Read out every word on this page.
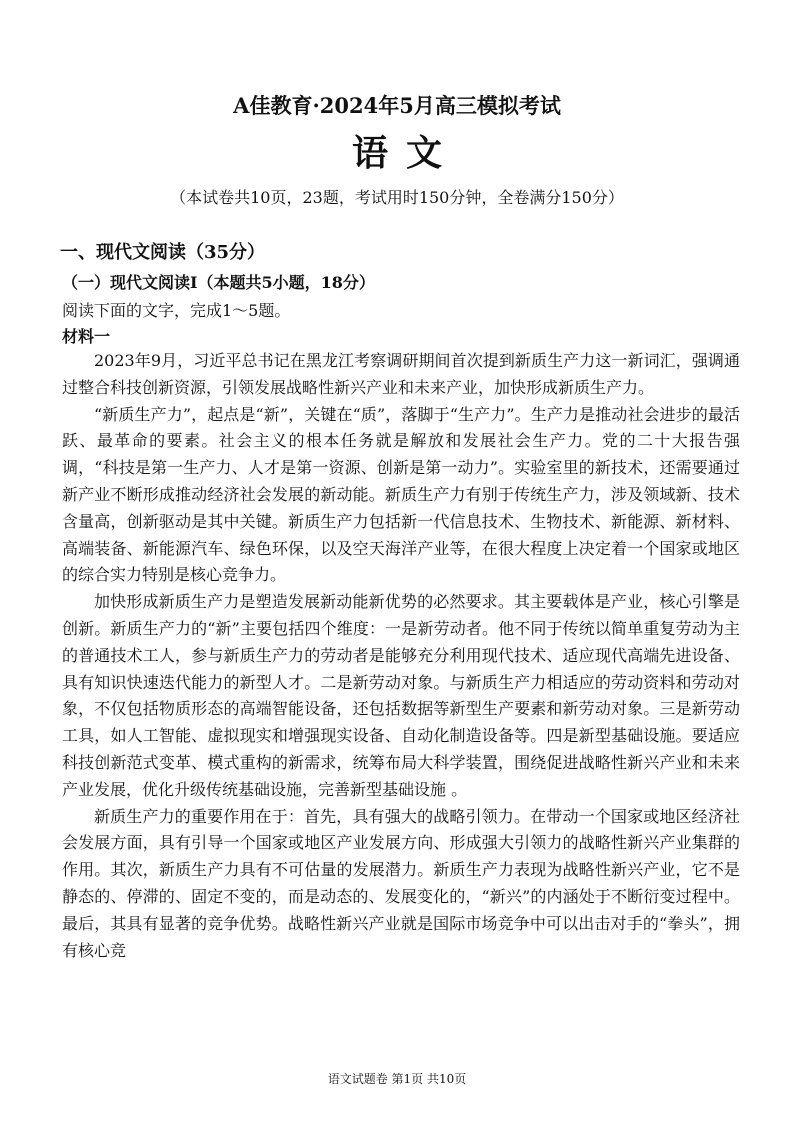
A佳教育·2024年5月高三模拟考试
语文

（本试卷共10页，23题，考试用时150分钟，全卷满分150分）

一、现代文阅读（35分）
（一）现代文阅读I（本题共5小题，18分）

阅读下面的文字，完成1～5题。

材料一

2023年9月，习近平总书记在黑龙江考察调研期间首次提到新质生产力这一新词汇，强调通过整合科技创新资源，引领发展战略性新兴产业和未来产业，加快形成新质生产力。

“新质生产力”，起点是“新”，关键在“质”，落脚于“生产力”。生产力是推动社会进步的最活跃、最革命的要素。社会主义的根本任务就是解放和发展社会生产力。党的二十大报告强调，“科技是第一生产力、人才是第一资源、创新是第一动力”。实验室里的新技术，还需要通过新产业不断形成推动经济社会发展的新动能。新质生产力有别于传统生产力，涉及领域新、技术含量高，创新驱动是其中关键。新质生产力包括新一代信息技术、生物技术、新能源、新材料、高端装备、新能源汽车、绿色环保，以及空天海洋产业等，在很大程度上决定着一个国家或地区的综合实力特别是核心竞争力。

加快形成新质生产力是塑造发展新动能新优势的必然要求。其主要载体是产业，核心引擎是创新。新质生产力的“新”主要包括四个维度：一是新劳动者。他不同于传统以简单重复劳动为主的普通技术工人，参与新质生产力的劳动者是能够充分利用现代技术、适应现代高端先进设备、具有知识快速迭代能力的新型人才。二是新劳动对象。与新质生产力相适应的劳动资料和劳动对象，不仅包括物质形态的高端智能设备，还包括数据等新型生产要素和新劳动对象。三是新劳动工具，如人工智能、虚拟现实和增强现实设备、自动化制造设备等。四是新型基础设施。要适应科技创新范式变革、模式重构的新需求，统筹布局大科学装置，围绕促进战略性新兴产业和未来产业发展，优化升级传统基础设施，完善新型基础设施 。

新质生产力的重要作用在于：首先，具有强大的战略引领力。在带动一个国家或地区经济社会发展方面，具有引导一个国家或地区产业发展方向、形成强大引领力的战略性新兴产业集群的作用。其次，新质生产力具有不可估量的发展潜力。新质生产力表现为战略性新兴产业，它不是静态的、停滞的、固定不变的，而是动态的、发展变化的，“新兴”的内涵处于不断衍变过程中。最后，其具有显著的竞争优势。战略性新兴产业就是国际市场竞争中可以出击对手的“拳头”，拥有核心竞

语文试题卷 第1页 共10页
